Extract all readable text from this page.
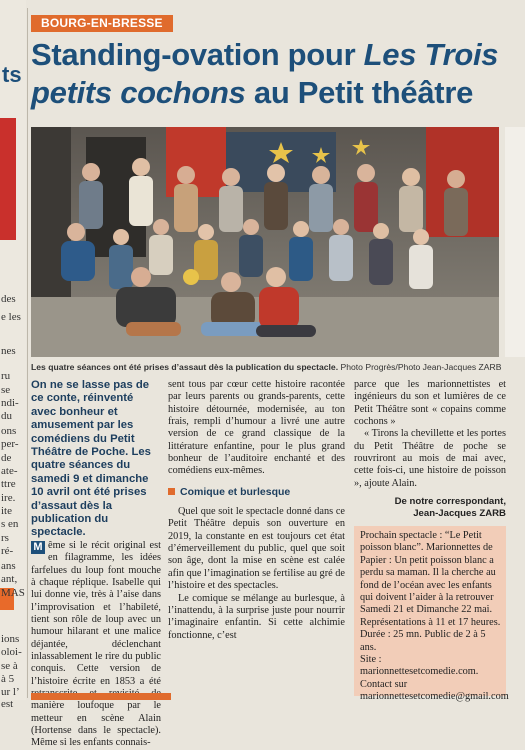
ts
des
e les
nes
ru
se
ndi-
du
ons
per-
de
ate-
ttre
ire.
ite
s en
rs
ré-
ans
ant,
MAS
ions
oloi-
se à
à 5
ur l’
est
BOURG-EN-BRESSE
Standing-ovation pour Les Trois petits cochons au Petit théâtre
Les quatre séances ont été prises d’assaut dès la publication du spectacle. Photo Progrès/Photo Jean-Jacques ZARB

On ne se lasse pas de ce conte, réinventé avec bonheur et amusement par les comédiens du Petit Théâtre de Poche. Les quatre séances du samedi 9 et dimanche 10 avril ont été prises d’assaut dès la publication du spectacle.

M ême si le récit original est en filagramme, les idées farfelues du loup font mouche à chaque réplique. Isabelle qui lui donne vie, très à l’aise dans l’improvisation et l’habileté, tient son rôle de loup avec un humour hilarant et une malice déjantée, déclenchant inlassablement le rire du public conquis. Cette version de l’histoire écrite en 1853 a été manière loufoque par le metteur en scène Alain (Hortense dans le spectacle). Même si les enfants connais-

sent tous par cœur cette histoire racontée par leurs parents ou grands-parents, cette histoire détournée, modernisée, au ton frais, rempli d’humour a livré une autre version de ce grand classique de la littérature enfantine, pour le plus grand bonheur de l’auditoire enchanté et des comédiens eux-mêmes.

Comique et burlesque

Quel que soit le spectacle donné dans ce Petit Théâtre depuis son ouverture en 2019, la constante en est toujours cet état d’émerveillement du public, quel que soit son âge, dont la mise en scène est calée afin que l’imagination se fertilise au gré de l’histoire et des spectacles.

Le comique se mélange au burlesque, à l’inattendu, à la surprise juste pour nourrir l’imaginaire enfantin. Si cette alchimie fonctionne, c’est

parce que les marionnettistes et ingénieurs du son et lumières de ce Petit Théâtre sont « copains comme cochons »

« Tirons la chevillette et les portes du Petit Théâtre de poche se rouvriront au mois de mai avec, cette fois-ci, une histoire de poisson », ajoute Alain.

De notre correspondant,
Jean-Jacques ZARB

Prochain spectacle : “Le Petit poisson blanc”. Marionnettes de Papier : Un petit poisson blanc a perdu sa maman. Il la cherche au fond de l’océan avec les enfants qui doivent l’aider à la retrouver

Samedi 21 et Dimanche 22 mai. Représentations à 11 et 17 heures. Durée : 25 mn. Public de 2 à 5 ans.

Site : marionnettesetcomedie.com. Contact sur marionnettesetcomedie@gmail.com
